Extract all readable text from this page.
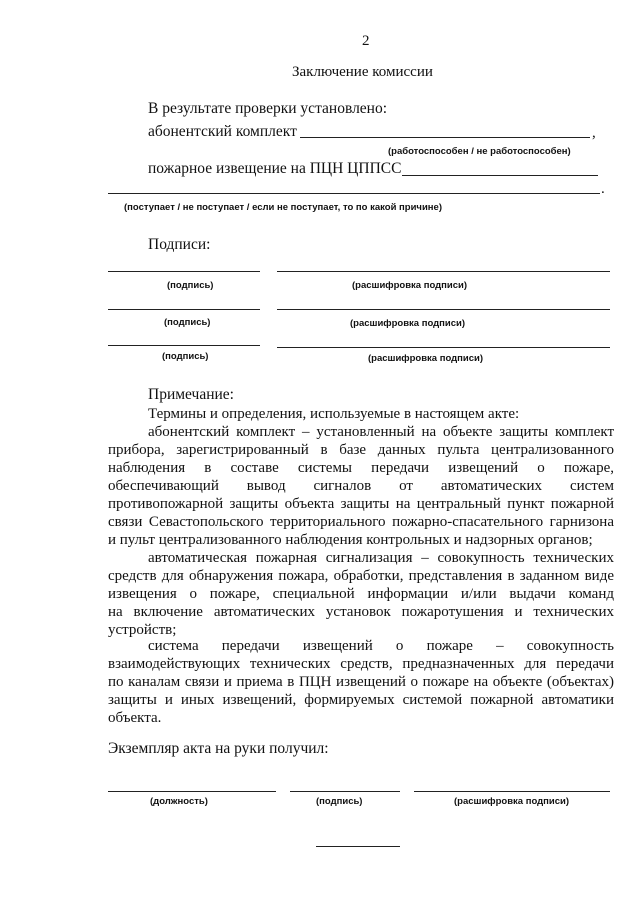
2
Заключение комиссии
В результате проверки установлено:
абонентский комплект	,
(работоспособен / не работоспособен)
пожарное извещение на ПЦН ЦППСС
.
(поступает / не поступает / если не поступает, то по какой причине)
Подписи:
(подпись)	(расшифровка подписи)
(подпись)	(расшифровка подписи)
(подпись)	(расшифровка подписи)
Примечание:
Термины и определения, используемые в настоящем акте:
абонентский комплект – установленный на объекте защиты комплект
прибора, зарегистрированный в базе данных пульта централизованного
наблюдения в составе системы передачи извещений о пожаре,
обеспечивающий вывод сигналов от автоматических систем
противопожарной защиты объекта защиты на центральный пункт пожарной
связи Севастопольского территориального пожарно-спасательного гарнизона
и пульт централизованного наблюдения контрольных и надзорных органов;
автоматическая пожарная сигнализация – совокупность технических
средств для обнаружения пожара, обработки, представления в заданном виде
извещения о пожаре, специальной информации и/или выдачи команд
на включение автоматических установок пожаротушения и технических
устройств;
система передачи извещений о пожаре – совокупность
взаимодействующих технических средств, предназначенных для передачи
по каналам связи и приема в ПЦН извещений о пожаре на объекте (объектах)
защиты и иных извещений, формируемых системой пожарной автоматики
объекта.
Экземпляр акта на руки получил:
(должность)	(подпись)	(расшифровка подписи)
